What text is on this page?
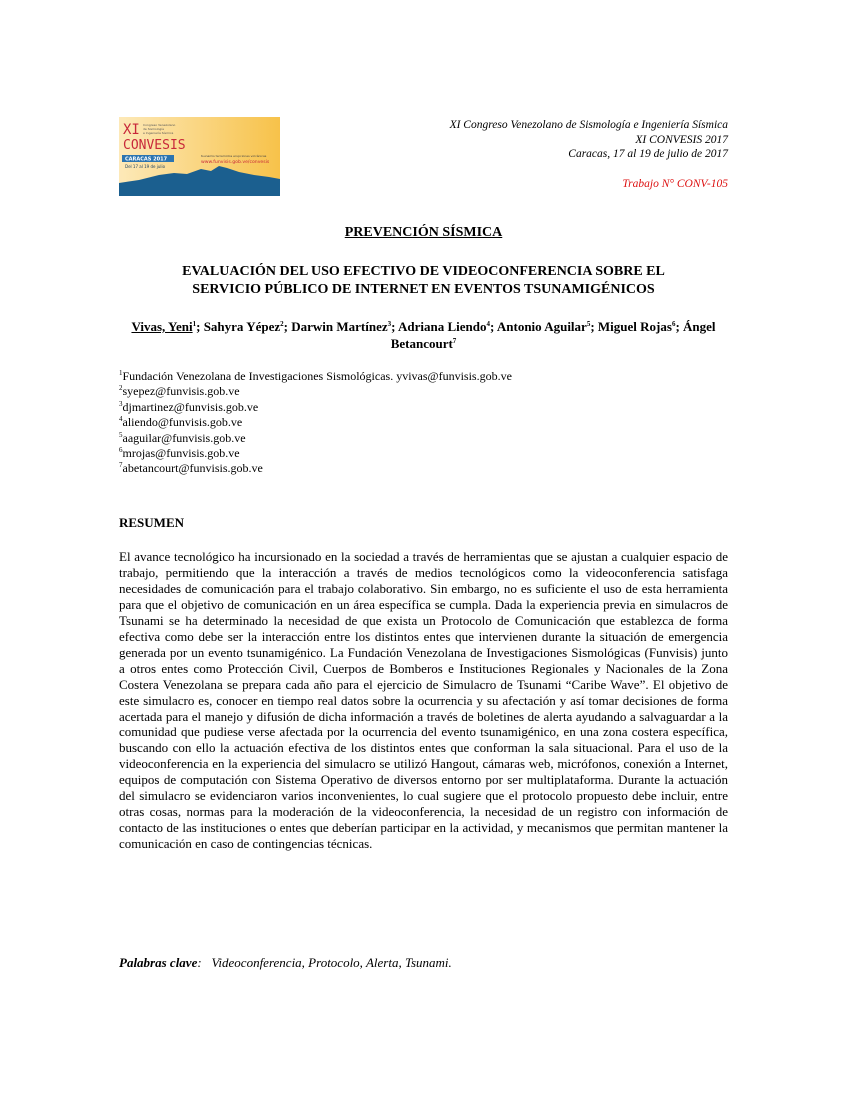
XI Congreso Venezolano
de Sismología
e Ingeniería Sísmica
CONVESIS
CARACAS 2017
Del 17 al 19 de julio
tsunamis terremotos erupciones volcánicas
www.funvisis.gob.ve/convesis
XI Congreso Venezolano de Sismología e Ingeniería Sísmica
XI CONVESIS 2017
Caracas, 17 al 19 de julio de 2017
Trabajo N° CONV-105
PREVENCIÓN SÍSMICA
EVALUACIÓN DEL USO EFECTIVO DE VIDEOCONFERENCIA SOBRE EL
SERVICIO PÚBLICO DE INTERNET EN EVENTOS TSUNAMIGÉNICOS
Vivas, Yeni$^1$; Sahyra Yépez$^2$; Darwin Martínez$^3$; Adriana Liendo$^4$; Antonio Aguilar$^5$; Miguel Rojas$^6$; Ángel Betancourt$^7$
$^1$Fundación Venezolana de Investigaciones Sismológicas. yvivas@funvisis.gob.ve
$^2$syepez@funvisis.gob.ve
$^3$djmartinez@funvisis.gob.ve
$^4$aliendo@funvisis.gob.ve
$^5$aaguilar@funvisis.gob.ve
$^6$mrojas@funvisis.gob.ve
$^7$abetancourt@funvisis.gob.ve
RESUMEN
El avance tecnológico ha incursionado en la sociedad a través de herramientas que se ajustan a cualquier espacio de trabajo, permitiendo que la interacción a través de medios tecnológicos como la videoconferencia satisfaga necesidades de comunicación para el trabajo colaborativo. Sin embargo, no es suficiente el uso de esta herramienta para que el objetivo de comunicación en un área específica se cumpla. Dada la experiencia previa en simulacros de Tsunami se ha determinado la necesidad de que exista un Protocolo de Comunicación que establezca de forma efectiva como debe ser la interacción entre los distintos entes que intervienen durante la situación de emergencia generada por un evento tsunamigénico. La Fundación Venezolana de Investigaciones Sismológicas (Funvisis) junto a otros entes como Protección Civil, Cuerpos de Bomberos e Instituciones Regionales y Nacionales de la Zona Costera Venezolana se prepara cada año para el ejercicio de Simulacro de Tsunami “Caribe Wave”. El objetivo de este simulacro es, conocer en tiempo real datos sobre la ocurrencia y su afectación y así tomar decisiones de forma acertada para el manejo y difusión de dicha información a través de boletines de alerta ayudando a salvaguardar a la comunidad que pudiese verse afectada por la ocurrencia del evento tsunamigénico, en una zona costera específica, buscando con ello la actuación efectiva de los distintos entes que conforman la sala situacional. Para el uso de la videoconferencia en la experiencia del simulacro se utilizó Hangout, cámaras web, micrófonos, conexión a Internet, equipos de computación con Sistema Operativo de diversos entorno por ser multiplataforma. Durante la actuación del simulacro se evidenciaron varios inconvenientes, lo cual sugiere que el protocolo propuesto debe incluir, entre otras cosas, normas para la moderación de la videoconferencia, la necesidad de un registro con información de contacto de las instituciones o entes que deberían participar en la actividad, y mecanismos que permitan mantener la comunicación en caso de contingencias técnicas.
Palabras clave: Videoconferencia, Protocolo, Alerta, Tsunami.
